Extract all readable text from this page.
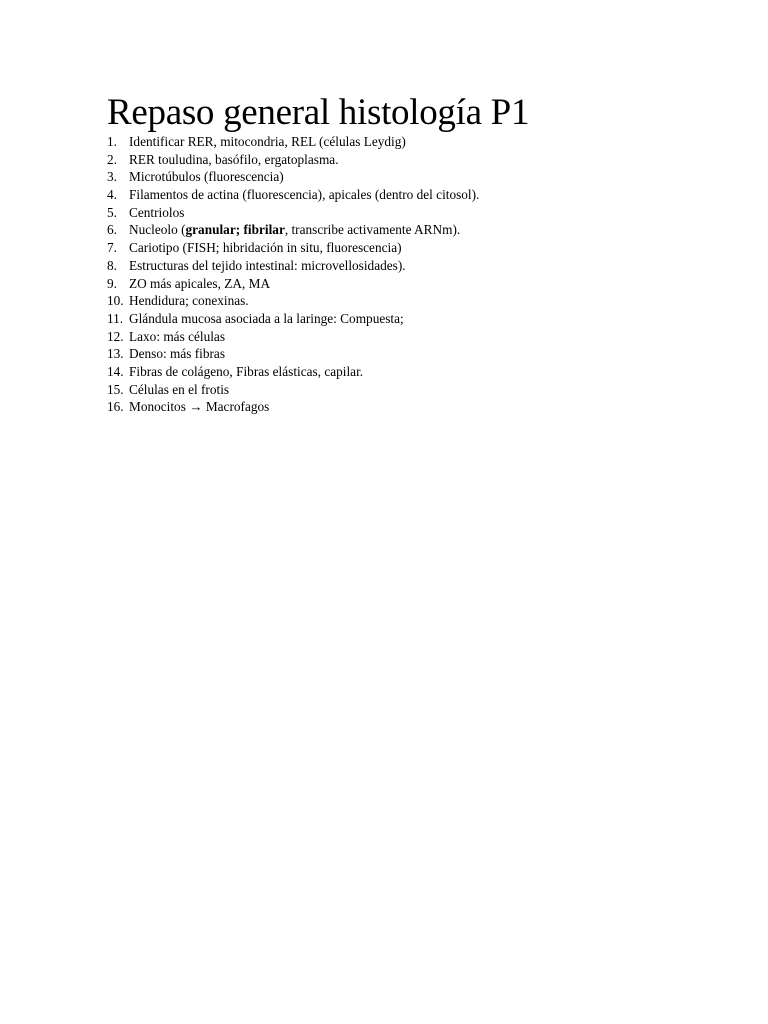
Repaso general histología P1
1. Identificar RER, mitocondria, REL (células Leydig)
2. RER touludina, basófilo, ergatoplasma.
3. Microtúbulos (fluorescencia)
4. Filamentos de actina (fluorescencia), apicales (dentro del citosol).
5. Centriolos
6. Nucleolo (granular; fibrilar, transcribe activamente ARNm).
7. Cariotipo (FISH; hibridación in situ, fluorescencia)
8. Estructuras del tejido intestinal: microvellosidades).
9. ZO más apicales, ZA, MA
10. Hendidura; conexinas.
11. Glándula mucosa asociada a la laringe: Compuesta;
12. Laxo: más células
13. Denso: más fibras
14. Fibras de colágeno, Fibras elásticas, capilar.
15. Células en el frotis
16. Monocitos → Macrofagos
